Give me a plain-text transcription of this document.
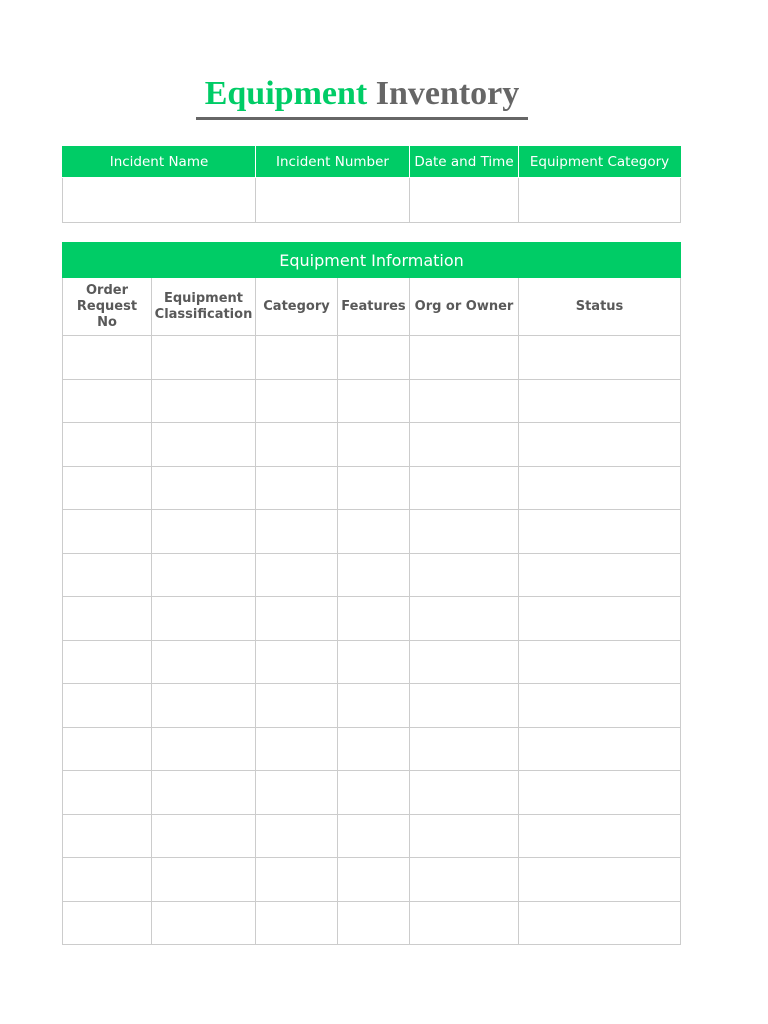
Equipment Inventory
Incident Name	Incident Number	Date and Time	Equipment Category

Equipment Information					
Order Request No	Equipment Classification	Category	Features	Org or Owner	Status
